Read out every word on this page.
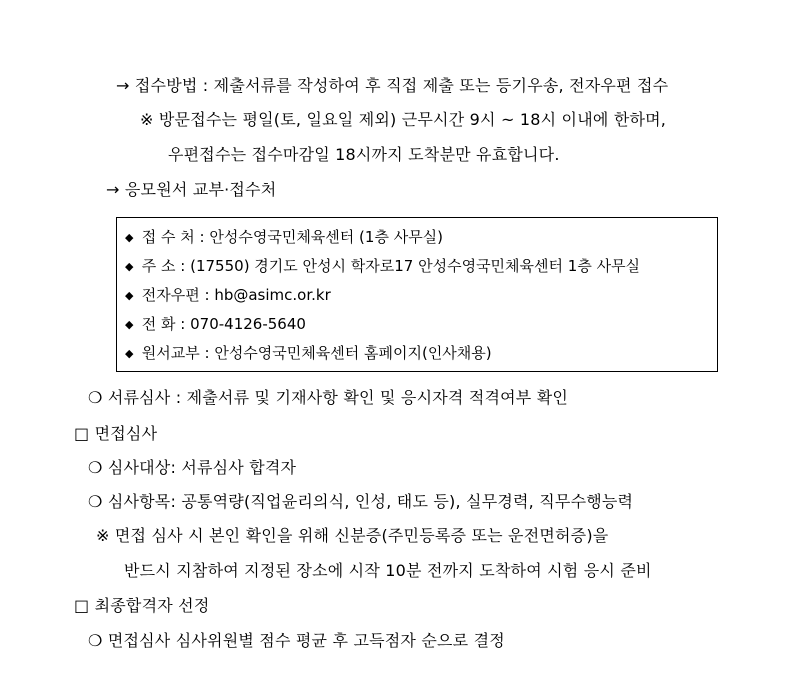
→ 접수방법 : 제출서류를 작성하여 후 직접 제출 또는 등기우송, 전자우편 접수
※ 방문접수는 평일(토, 일요일 제외) 근무시간 9시 ~ 18시 이내에 한하며,
우편접수는 접수마감일 18시까지 도착분만 유효합니다.
→ 응모원서 교부·접수처
◆ 접 수 처 : 안성수영국민체육센터 (1층 사무실)
◆ 주 소 : (17550) 경기도 안성시 학자로17 안성수영국민체육센터 1층 사무실
◆ 전자우편 : hb@asimc.or.kr
◆ 전 화 : 070-4126-5640
◆ 원서교부 : 안성수영국민체육센터 홈페이지(인사채용)
❍ 서류심사 : 제출서류 및 기재사항 확인 및 응시자격 적격여부 확인
□ 면접심사
❍ 심사대상: 서류심사 합격자
❍ 심사항목: 공통역량(직업윤리의식, 인성, 태도 등), 실무경력, 직무수행능력
※ 면접 심사 시 본인 확인을 위해 신분증(주민등록증 또는 운전면허증)을
반드시 지참하여 지정된 장소에 시작 10분 전까지 도착하여 시험 응시 준비
□ 최종합격자 선정
❍ 면접심사 심사위원별 점수 평균 후 고득점자 순으로 결정
